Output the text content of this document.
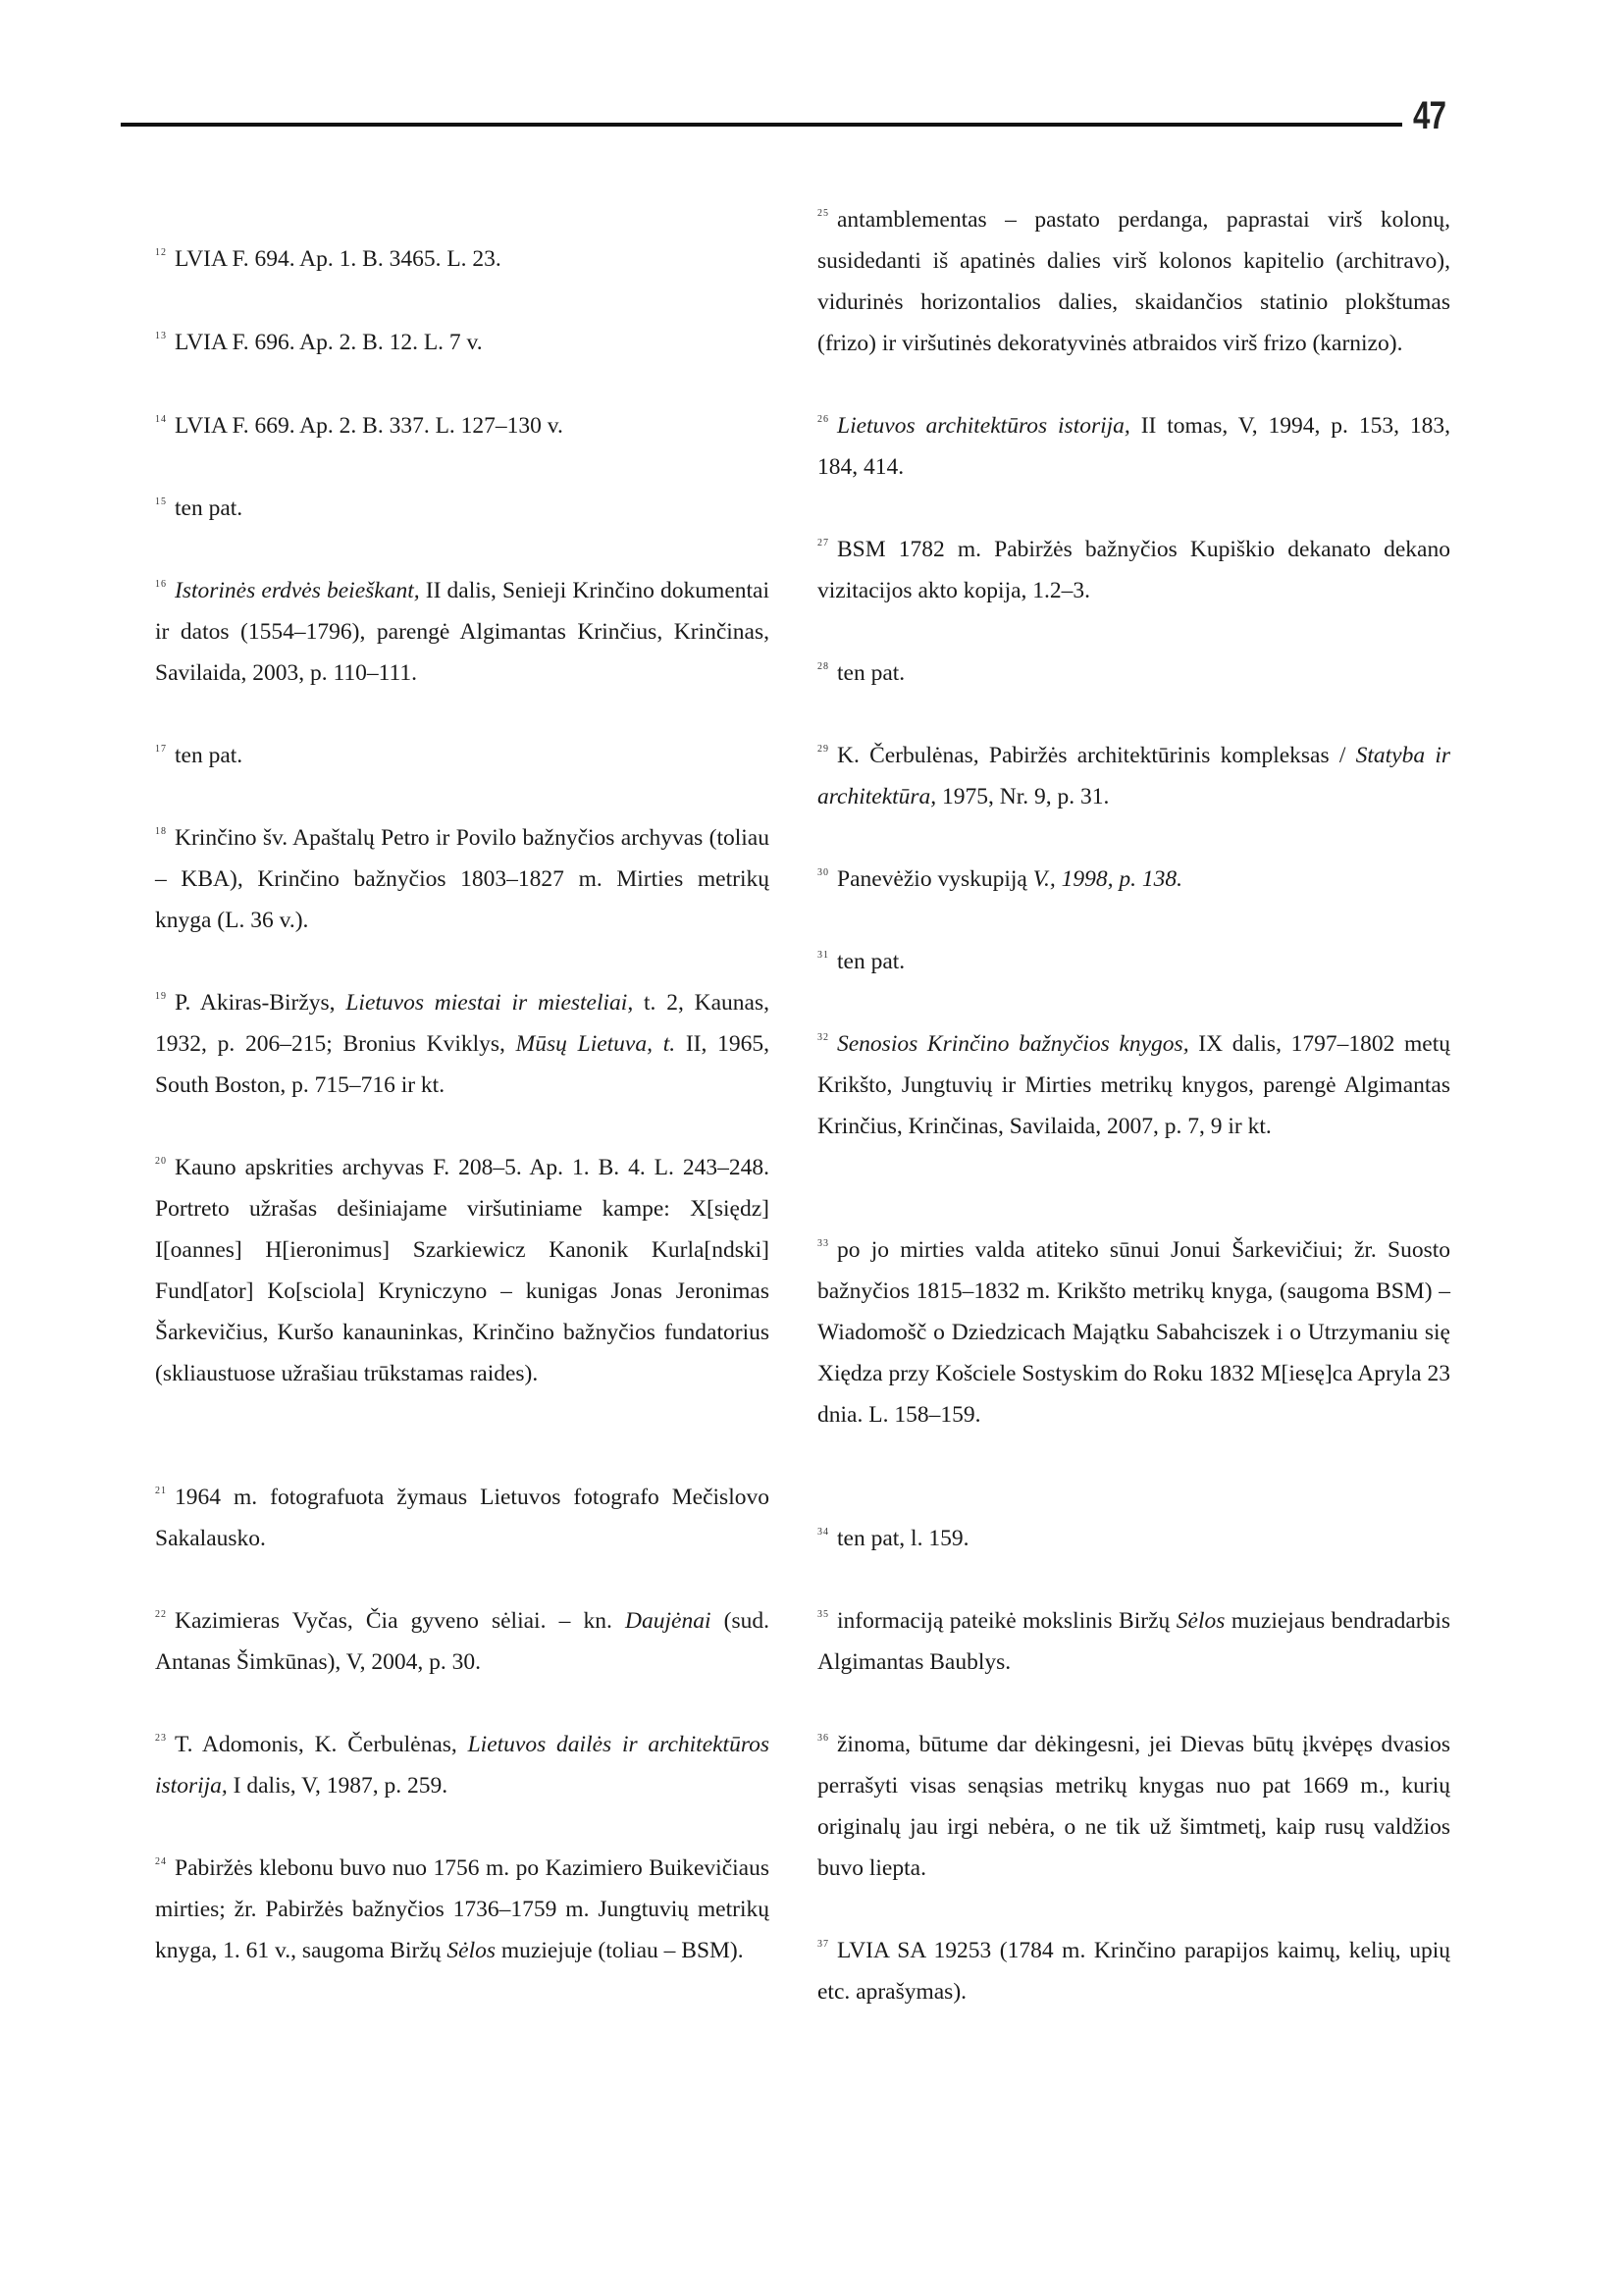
47
$^{12}$ LVIA F. 694. Ap. 1. B. 3465. L. 23.
$^{13}$ LVIA F. 696. Ap. 2. B. 12. L. 7 v.
$^{14}$ LVIA F. 669. Ap. 2. B. 337. L. 127–130 v.
$^{15}$ ten pat.
$^{16}$ Istorinės erdvės beieškant, II dalis, Senieji Krinčino dokumentai ir datos (1554–1796), parengė Algimantas Krinčius, Krinčinas, Savilaida, 2003, p. 110–111.
$^{17}$ ten pat.
$^{18}$ Krinčino šv. Apaštalų Petro ir Povilo bažnyčios archyvas (toliau – KBA), Krinčino bažnyčios 1803–1827 m. Mirties metrikų knyga (L. 36 v.).
$^{19}$ P. Akiras-Biržys, Lietuvos miestai ir miesteliai, t. 2, Kaunas, 1932, p. 206–215; Bronius Kviklys, Mūsų Lietuva, t. II, 1965, South Boston, p. 715–716 ir kt.
$^{20}$ Kauno apskrities archyvas F. 208–5. Ap. 1. B. 4. L. 243–248. Portreto užrašas dešiniajame viršutiniame kampe: X[siędz] I[oannes] H[ieronimus] Szarkiewicz Kanonik Kurla[ndski] Fund[ator] Ko[sciola] Kryniczyno – kunigas Jonas Jeronimas Šarkevičius, Kuršo kanauninkas, Krinčino bažnyčios fundatorius (skliaustuose užrašiau trūkstamas raides).
$^{21}$ 1964 m. fotografuota žymaus Lietuvos fotografo Mečislovo Sakalausko.
$^{22}$ Kazimieras Vyčas, Čia gyveno sėliai. – kn. Daujėnai (sud. Antanas Šimkūnas), V, 2004, p. 30.
$^{23}$ T. Adomonis, K. Čerbulėnas, Lietuvos dailės ir architektūros istorija, I dalis, V, 1987, p. 259.
$^{24}$ Pabiržės klebonu buvo nuo 1756 m. po Kazimiero Buikevičiaus mirties; žr. Pabiržės bažnyčios 1736–1759 m. Jungtuvių metrikų knyga, 1. 61 v., saugoma Biržų Sėlos muziejuje (toliau – BSM).
$^{25}$ antamblementas – pastato perdanga, paprastai virš kolonų, susidedanti iš apatinės dalies virš kolonos kapitelio (architravo), vidurinės horizontalios dalies, skaidančios statinio plokštumas (frizo) ir viršutinės dekoratyvinės atbraidos virš frizo (karnizo).
$^{26}$ Lietuvos architektūros istorija, II tomas, V, 1994, p. 153, 183, 184, 414.
$^{27}$ BSM 1782 m. Pabiržės bažnyčios Kupiškio dekanato dekano vizitacijos akto kopija, 1.2–3.
$^{28}$ ten pat.
$^{29}$ K. Čerbulėnas, Pabiržės architektūrinis kompleksas / Statyba ir architektūra, 1975, Nr. 9, p. 31.
$^{30}$ Panevėžio vyskupiją V., 1998, p. 138.
$^{31}$ ten pat.
$^{32}$ Senosios Krinčino bažnyčios knygos, IX dalis, 1797–1802 metų Krikšto, Jungtuvių ir Mirties metrikų knygos, parengė Algimantas Krinčius, Krinčinas, Savilaida, 2007, p. 7, 9 ir kt.
$^{33}$ po jo mirties valda atiteko sūnui Jonui Šarkevičiui; žr. Suosto bažnyčios 1815–1832 m. Krikšto metrikų knyga, (saugoma BSM) – Wiadomošč o Dziedzicach Majątku Sabahciszek i o Utrzymaniu się Xiędza przy Košciele Sostyskim do Roku 1832 M[iesę]ca Apryla 23 dnia. L. 158–159.
$^{34}$ ten pat, l. 159.
$^{35}$ informaciją pateikė mokslinis Biržų Sėlos muziejaus bendradarbis Algimantas Baublys.
$^{36}$ žinoma, būtume dar dėkingesni, jei Dievas būtų įkvėpęs dvasios perrašyti visas senąsias metrikų knygas nuo pat 1669 m., kurių originalų jau irgi nebėra, o ne tik už šimtmetį, kaip rusų valdžios buvo liepta.
$^{37}$ LVIA SA 19253 (1784 m. Krinčino parapijos kaimų, kelių, upių etc. aprašymas).
